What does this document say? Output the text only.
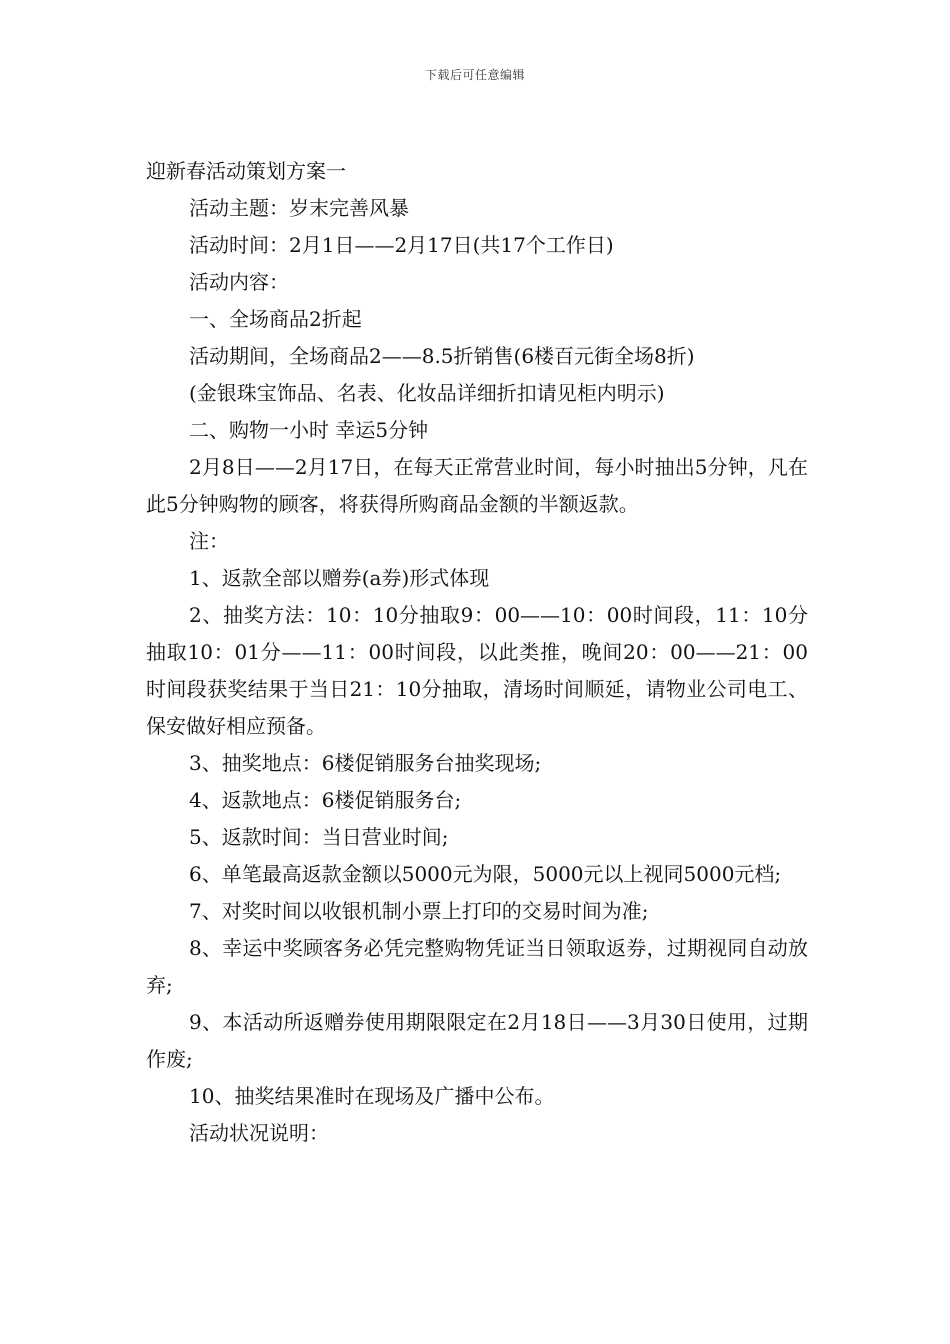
下载后可任意编辑

迎新春活动策划方案一

活动主题：岁末完善风暴

活动时间：2月1日——2月17日(共17个工作日)

活动内容：

一、全场商品2折起

活动期间，全场商品2——8.5折销售(6楼百元街全场8折)

(金银珠宝饰品、名表、化妆品详细折扣请见柜内明示)

二、购物一小时 幸运5分钟

2月8日——2月17日，在每天正常营业时间，每小时抽出5分钟，凡在此5分钟购物的顾客，将获得所购商品金额的半额返款。

注：

1、返款全部以赠券(a券)形式体现

2、抽奖方法：10：10分抽取9：00——10：00时间段，11：10分抽取10：01分——11：00时间段，以此类推，晚间20：00——21：00时间段获奖结果于当日21：10分抽取，清场时间顺延，请物业公司电工、保安做好相应预备。

3、抽奖地点：6楼促销服务台抽奖现场;

4、返款地点：6楼促销服务台;

5、返款时间：当日营业时间;

6、单笔最高返款金额以5000元为限，5000元以上视同5000元档;

7、对奖时间以收银机制小票上打印的交易时间为准;

8、幸运中奖顾客务必凭完整购物凭证当日领取返券，过期视同自动放弃;

9、本活动所返赠券使用期限限定在2月18日——3月30日使用，过期作废;

10、抽奖结果准时在现场及广播中公布。

活动状况说明：
